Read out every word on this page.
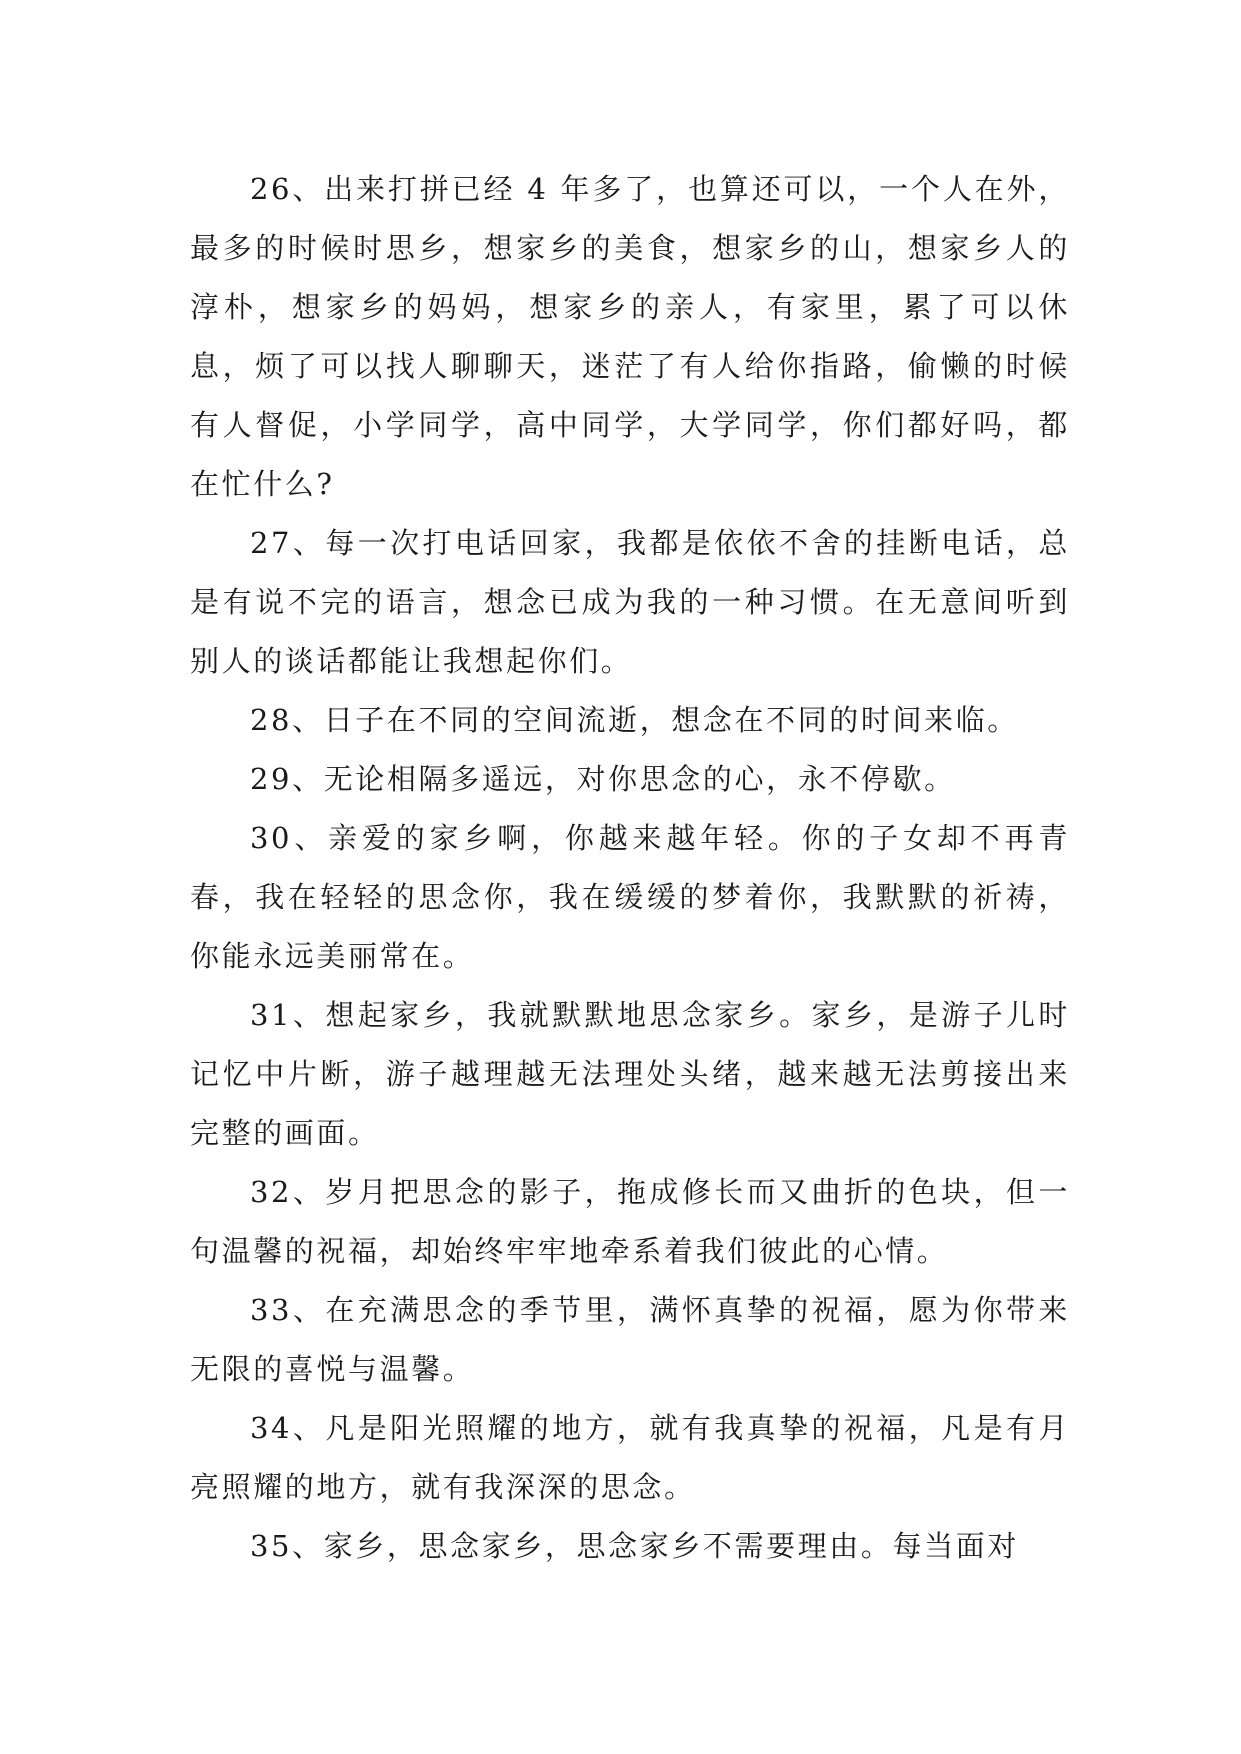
26、出来打拼已经 4 年多了，也算还可以，一个人在外，最多的时候时思乡，想家乡的美食，想家乡的山，想家乡人的淳朴，想家乡的妈妈，想家乡的亲人，有家里，累了可以休息，烦了可以找人聊聊天，迷茫了有人给你指路，偷懒的时候有人督促，小学同学，高中同学，大学同学，你们都好吗，都在忙什么?

27、每一次打电话回家，我都是依依不舍的挂断电话，总是有说不完的语言，想念已成为我的一种习惯。在无意间听到别人的谈话都能让我想起你们。

28、日子在不同的空间流逝，想念在不同的时间来临。

29、无论相隔多遥远，对你思念的心，永不停歇。

30、亲爱的家乡啊，你越来越年轻。你的子女却不再青春，我在轻轻的思念你，我在缓缓的梦着你，我默默的祈祷，你能永远美丽常在。

31、想起家乡，我就默默地思念家乡。家乡，是游子儿时记忆中片断，游子越理越无法理处头绪，越来越无法剪接出来完整的画面。

32、岁月把思念的影子，拖成修长而又曲折的色块，但一句温馨的祝福，却始终牢牢地牵系着我们彼此的心情。

33、在充满思念的季节里，满怀真挚的祝福，愿为你带来无限的喜悦与温馨。

34、凡是阳光照耀的地方，就有我真挚的祝福，凡是有月亮照耀的地方，就有我深深的思念。

35、家乡，思念家乡，思念家乡不需要理由。每当面对
